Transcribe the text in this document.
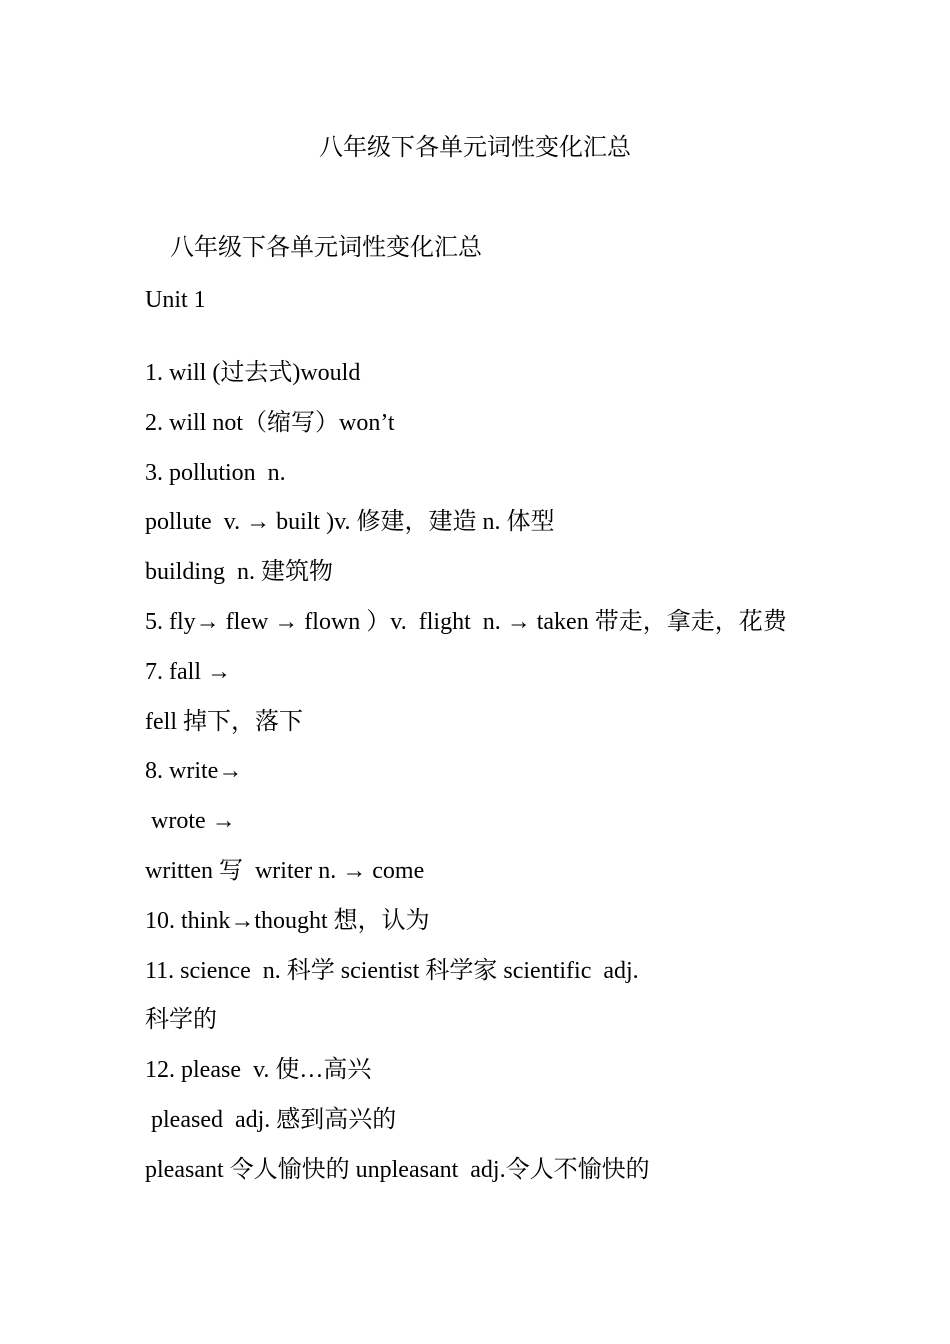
八年级下各单元词性变化汇总
八年级下各单元词性变化汇总
Unit 1
1. will (过去式)would
2. will not（缩写）won’t
3. pollution  n.
pollute  v. → built )v. 修建，建造 n. 体型
building  n. 建筑物
5. fly→ flew → flown ）v.  flight  n. → taken 带走，拿走，花费
7. fall →
fell 掉下，落下
8. write→
wrote →
written 写  writer n. → come
10. think→thought 想，认为
11. science  n. 科学 scientist 科学家 scientific  adj.
科学的
12. please  v. 使…高兴
pleased  adj. 感到高兴的
pleasant 令人愉快的 unpleasant  adj.令人不愉快的
